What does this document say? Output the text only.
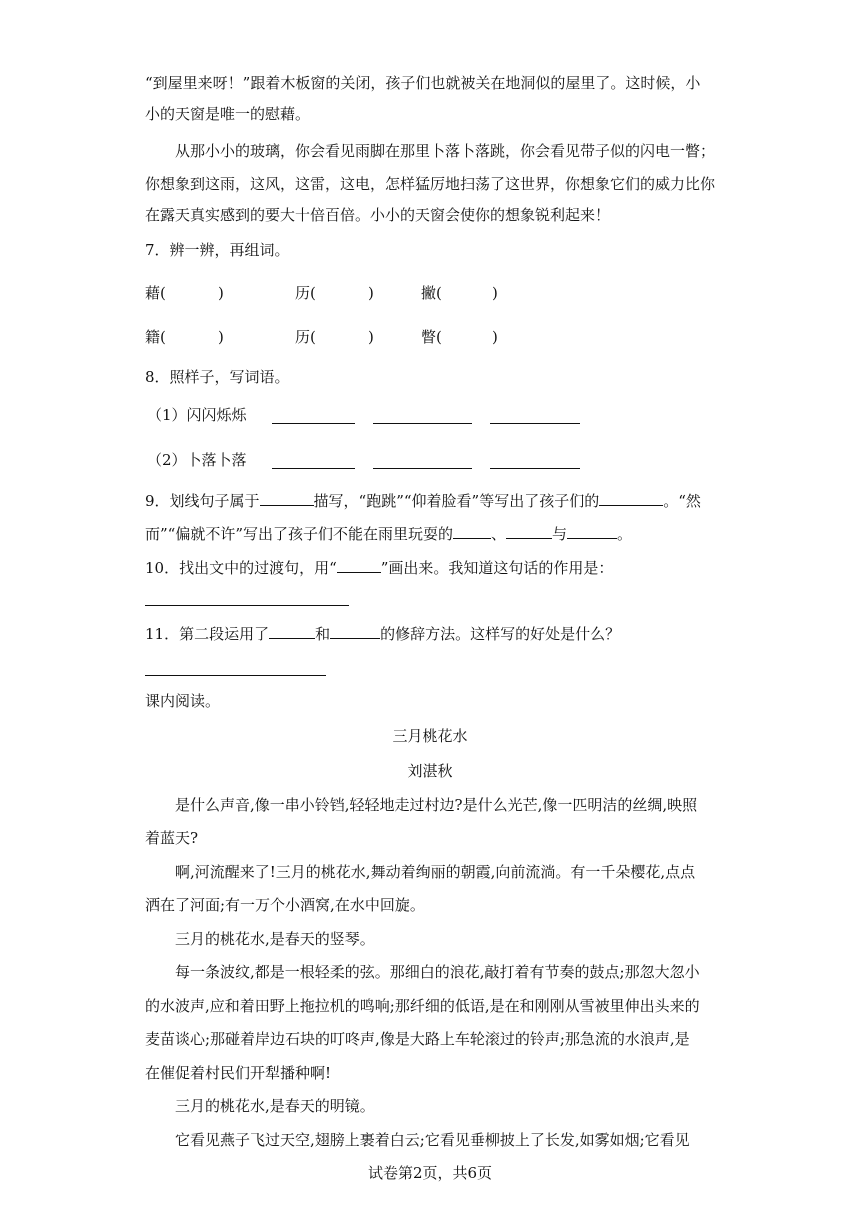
“到屋里来呀！”跟着木板窗的关闭，孩子们也就被关在地洞似的屋里了。这时候，小
小的天窗是唯一的慰藉。
从那小小的玻璃，你会看见雨脚在那里卜落卜落跳，你会看见带子似的闪电一瞥；
你想象到这雨，这风，这雷，这电，怎样猛厉地扫荡了这世界，你想象它们的威力比你
在露天真实感到的要大十倍百倍。小小的天窗会使你的想象锐利起来！
7．辨一辨，再组词。
藉(	)	历(	)	撇(	)
籍(	)	历(	)	瞥(	)
8．照样子，写词语。
（1）闪闪烁烁
（2）卜落卜落
9．划线句子属于	描写，“跑跳”“仰着脸看”等写出了孩子们的	。“然
而”“偏就不许”写出了孩子们不能在雨里玩耍的	、	与	。
10．找出文中的过渡句，用“	”画出来。我知道这句话的作用是：
11．第二段运用了	和	的修辞方法。这样写的好处是什么？
课内阅读。
三月桃花水
刘湛秋
是什么声音,像一串小铃铛,轻轻地走过村边?是什么光芒,像一匹明洁的丝绸,映照
着蓝天?
啊,河流醒来了!三月的桃花水,舞动着绚丽的朝霞,向前流淌。有一千朵樱花,点点
洒在了河面;有一万个小酒窝,在水中回旋。
三月的桃花水,是春天的竖琴。
每一条波纹,都是一根轻柔的弦。那细白的浪花,敲打着有节奏的鼓点;那忽大忽小
的水波声,应和着田野上拖拉机的鸣响;那纤细的低语,是在和刚刚从雪被里伸出头来的
麦苗谈心;那碰着岸边石块的叮咚声,像是大路上车轮滚过的铃声;那急流的水浪声,是
在催促着村民们开犁播种啊!
三月的桃花水,是春天的明镜。
它看见燕子飞过天空,翅膀上裹着白云;它看见垂柳披上了长发,如雾如烟;它看见
试卷第2页，共6页
